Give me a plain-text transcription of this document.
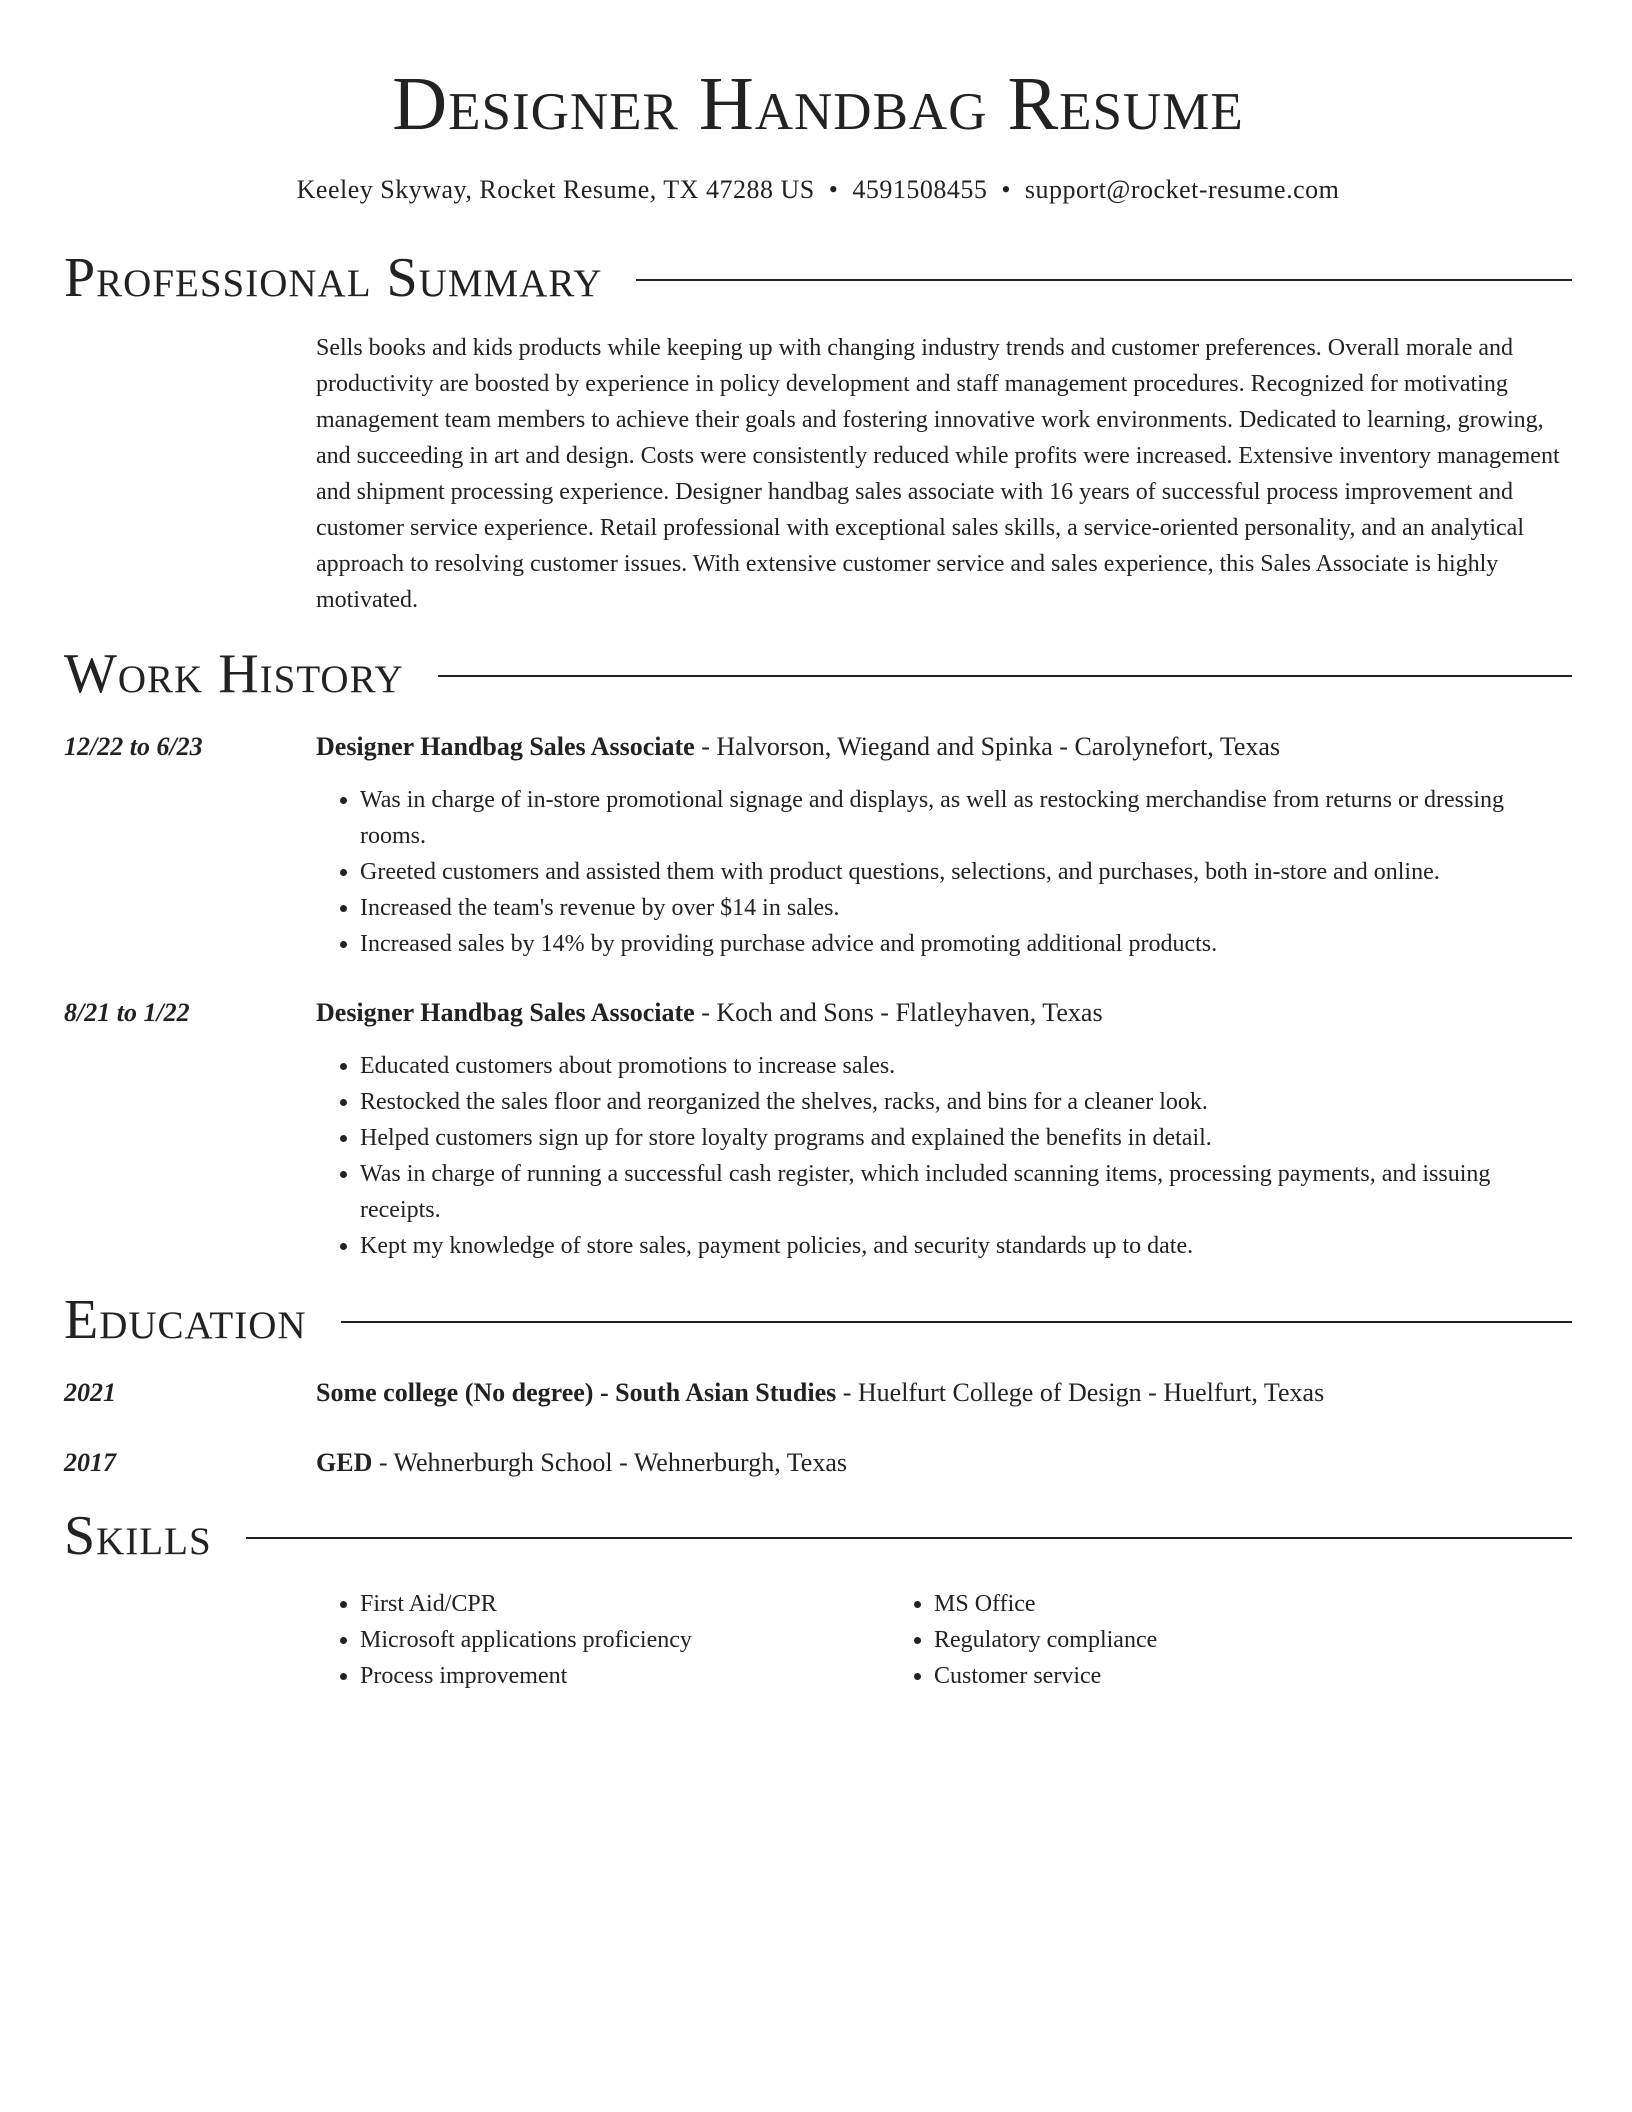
Designer Handbag Resume
Keeley Skyway, Rocket Resume, TX 47288 US • 4591508455 • support@rocket-resume.com
Professional Summary

Sells books and kids products while keeping up with changing industry trends and customer preferences. Overall morale and productivity are boosted by experience in policy development and staff management procedures. Recognized for motivating management team members to achieve their goals and fostering innovative work environments. Dedicated to learning, growing, and succeeding in art and design. Costs were consistently reduced while profits were increased. Extensive inventory management and shipment processing experience. Designer handbag sales associate with 16 years of successful process improvement and customer service experience. Retail professional with exceptional sales skills, a service-oriented personality, and an analytical approach to resolving customer issues. With extensive customer service and sales experience, this Sales Associate is highly motivated.

Work History
12/22 to 6/23	Designer Handbag Sales Associate - Halvorson, Wiegand and Spinka - Carolynefort, Texas
• Was in charge of in-store promotional signage and displays, as well as restocking merchandise from returns or dressing rooms.
• Greeted customers and assisted them with product questions, selections, and purchases, both in-store and online.
• Increased the team's revenue by over $14 in sales.
• Increased sales by 14% by providing purchase advice and promoting additional products.
8/21 to 1/22	Designer Handbag Sales Associate - Koch and Sons - Flatleyhaven, Texas
• Educated customers about promotions to increase sales.
• Restocked the sales floor and reorganized the shelves, racks, and bins for a cleaner look.
• Helped customers sign up for store loyalty programs and explained the benefits in detail.
• Was in charge of running a successful cash register, which included scanning items, processing payments, and issuing receipts.
• Kept my knowledge of store sales, payment policies, and security standards up to date.
Education
2021	Some college (No degree) - South Asian Studies - Huelfurt College of Design - Huelfurt, Texas
2017	GED - Wehnerburgh School - Wehnerburgh, Texas
Skills
• First Aid/CPR
• Microsoft applications proficiency
• Process improvement
• MS Office
• Regulatory compliance
• Customer service
